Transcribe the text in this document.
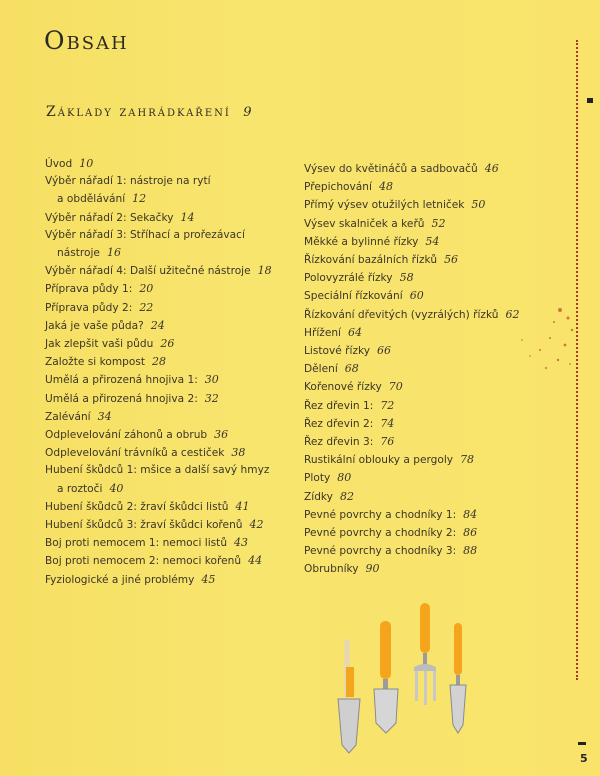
Obsah
Základy zahrádkaření 9
Úvod 10
Výběr nářadí 1: nástroje na rytí
a obdělávání 12
Výběr nářadí 2: Sekačky 14
Výběr nářadí 3: Stříhací a prořezávací
nástroje 16
Výběr nářadí 4: Další užitečné nástroje 18
Příprava půdy 1: 20
Příprava půdy 2: 22
Jaká je vaše půda? 24
Jak zlepšit vaši půdu 26
Založte si kompost 28
Umělá a přirozená hnojiva 1: 30
Umělá a přirozená hnojiva 2: 32
Zalévání 34
Odplevelování záhonů a obrub 36
Odplevelování trávníků a cestiček 38
Hubení škůdců 1: mšice a další savý hmyz
a roztoči 40
Hubení škůdců 2: žraví škůdci listů 41
Hubení škůdců 3: žraví škůdci kořenů 42
Boj proti nemocem 1: nemoci listů 43
Boj proti nemocem 2: nemoci kořenů 44
Fyziologické a jiné problémy 45
Výsev do květináčů a sadbovačů 46
Přepichování 48
Přímý výsev otužilých letniček 50
Výsev skalniček a keřů 52
Měkké a bylinné řízky 54
Řízkování bazálních řízků 56
Polovyzrálé řízky 58
Speciální řízkování 60
Řízkování dřevitých (vyzrálých) řízků 62
Hřížení 64
Listové řízky 66
Dělení 68
Kořenové řízky 70
Řez dřevin 1: 72
Řez dřevin 2: 74
Řez dřevin 3: 76
Rustikální oblouky a pergoly 78
Ploty 80
Zídky 82
Pevné povrchy a chodníky 1: 84
Pevné povrchy a chodníky 2: 86
Pevné povrchy a chodníky 3: 88
Obrubníky 90
5
